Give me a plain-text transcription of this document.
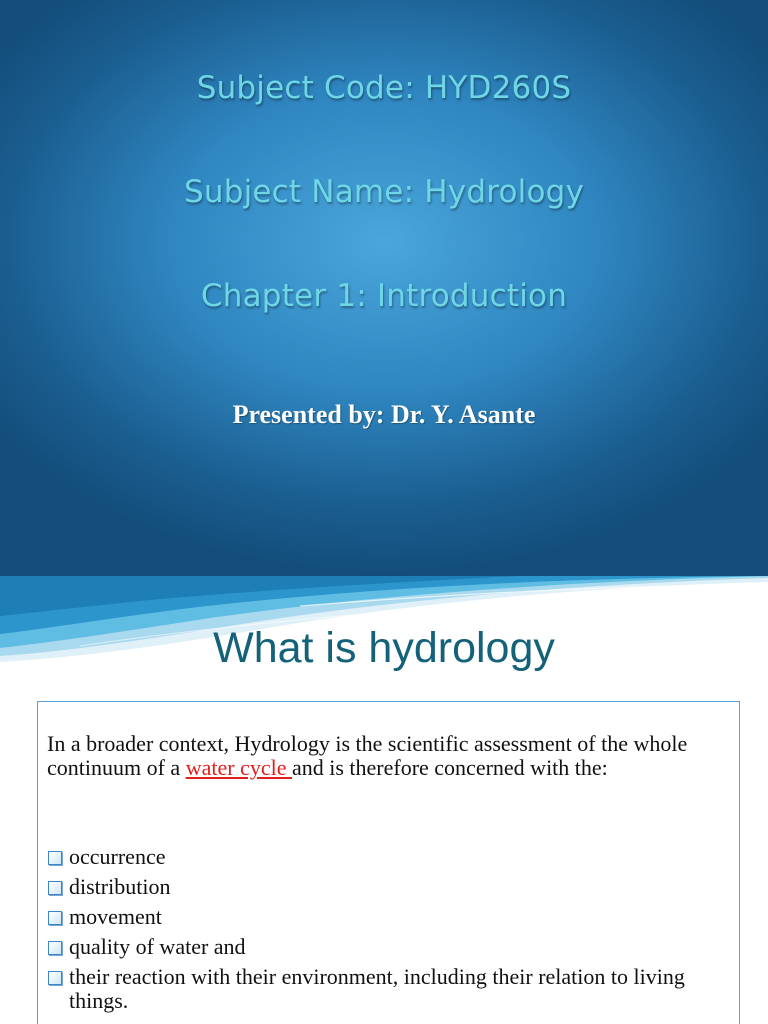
Subject Code: HYD260S
Subject Name: Hydrology
Chapter 1: Introduction
Presented by: Dr. Y. Asante
What is hydrology
In a broader context, Hydrology is the scientific assessment of the whole continuum of a water cycle and is therefore concerned with the:
occurrence
distribution
movement
quality of water and
their reaction with their environment, including their relation to living things.
